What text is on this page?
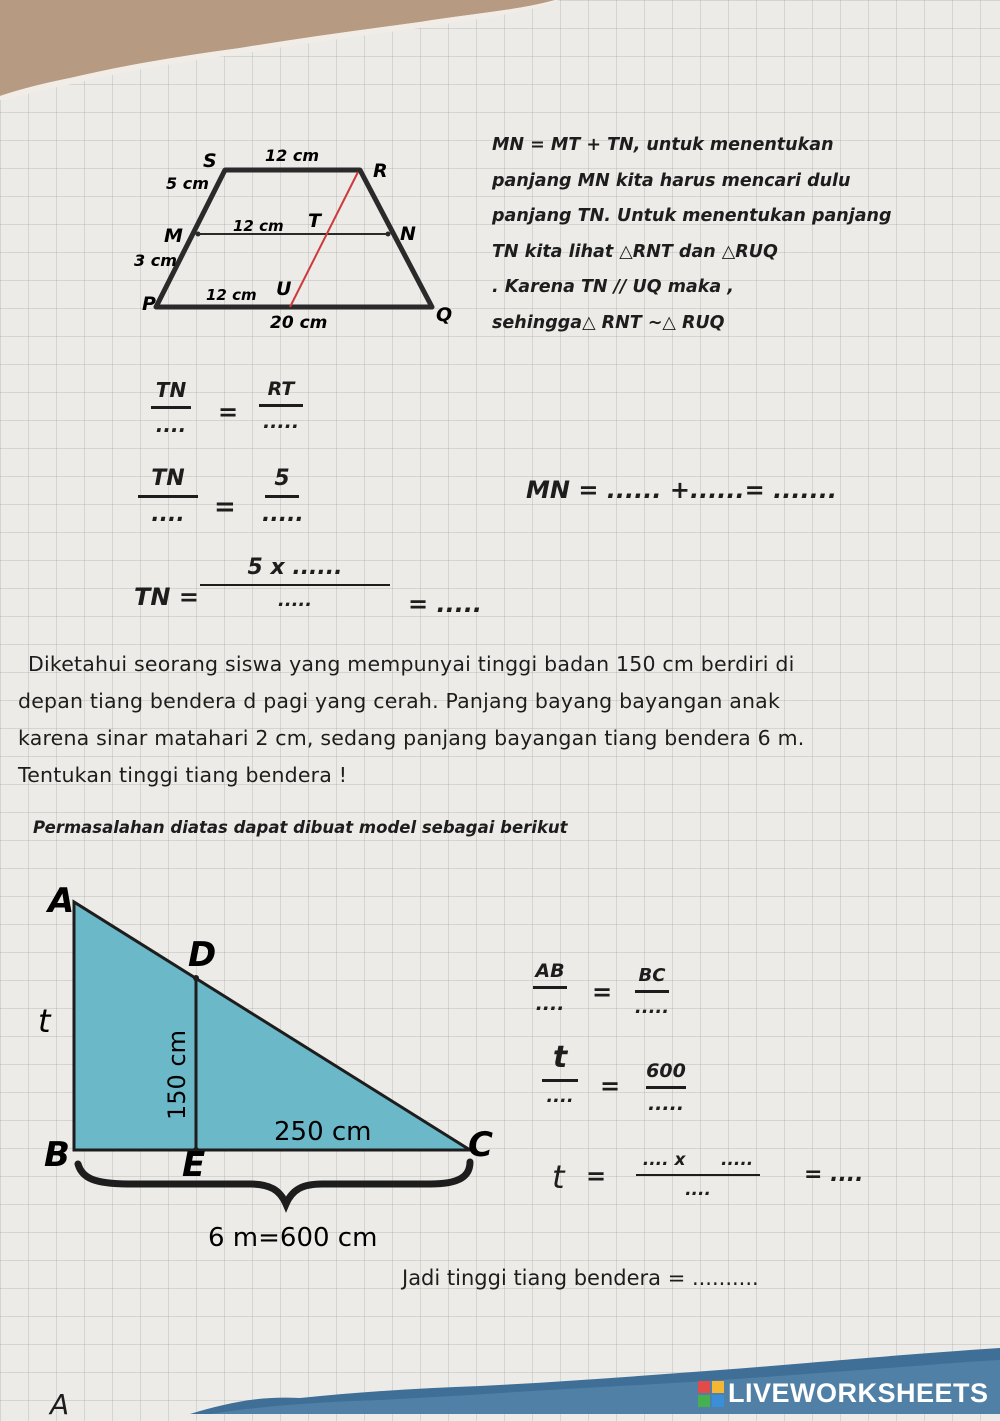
S	R
M
T
N
P
U
Q
12 cm
12 cm
12 cm
20 cm
5 cm
3 cm
MN = MT + TN, untuk menentukan
panjang MN kita harus mencari dulu
panjang TN. Untuk menentukan panjang
TN kita lihat △RNT dan △RUQ
. Karena TN // UQ maka ,
sehingga△ RNT ∼△ RUQ
TN
....	=
RT
.....
TN
....	=
5
.....
TN =
5 x ......
.....	= .....
MN = ...... +......= .......
Diketahui seorang siswa yang mempunyai tinggi badan 150 cm berdiri di
depan tiang bendera d pagi yang cerah. Panjang bayang bayangan anak
karena sinar matahari 2 cm, sedang panjang bayangan tiang bendera 6 m.
Tentukan tinggi tiang bendera !
Permasalahan diatas dapat dibuat model sebagai berikut
A
B	C
D
E
t
150 cm
250 cm
6 m=600 cm
AB
.... =
BC
.....
t
....	=
600
.....
t =
.... x      .....
....
= ....
Jadi tinggi tiang bendera = ..........
A	LIVEWORKSHEETS
